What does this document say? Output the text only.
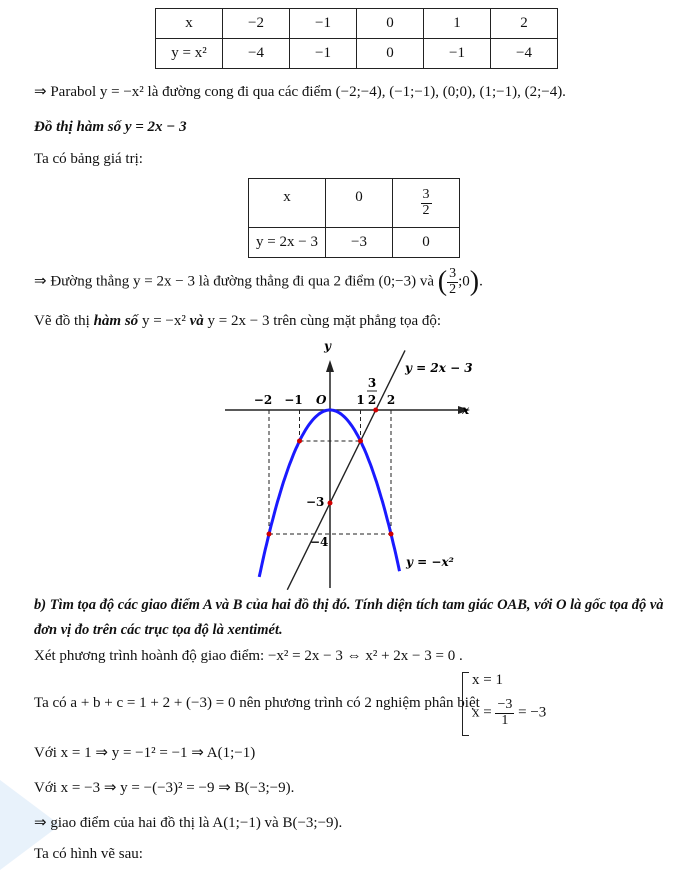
x	−2	−1	0	1	2
y = x²	−4	−1	0	−1	−4
⇒ Parabol y = −x² là đường cong đi qua các điểm (−2;−4), (−1;−1), (0;0), (1;−1), (2;−4).
Đồ thị hàm số y = 2x − 3
Ta có bảng giá trị:
x	0	$\frac{3}{2}$

y = 2x − 3	−3	0
⇒ Đường thẳng y = 2x − 3 là đường thẳng đi qua 2 điểm (0;−3) và ( $\frac{3}{2}$ ;0).
Vẽ đồ thị hàm số y = −x² và y = 2x − 3 trên cùng mặt phẳng tọa độ:
x
y
O
−2 −1	1 2
3
2
−3
−4
y = 2x − 3
y = −x²
b) Tìm tọa độ các giao điểm A và B của hai đồ thị đó. Tính diện tích tam giác OAB, với O là gốc tọa độ và
đơn vị đo trên các trục tọa độ là xentimét.
Xét phương trình hoành độ giao điểm: −x² = 2x − 3 ⇔ x² + 2x − 3 = 0 .
Ta có a + b + c = 1 + 2 + (−3) = 0 nên phương trình có 2 nghiệm phân biệt
x = 1
$x = \frac{-3}{1} = -3$
Với x = 1 ⇒ y = −1² = −1 ⇒ A(1;−1)
Với x = −3 ⇒ y = −(−3)² = −9 ⇒ B(−3;−9).
⇒ giao điểm của hai đồ thị là A(1;−1) và B(−3;−9).
Ta có hình vẽ sau:
